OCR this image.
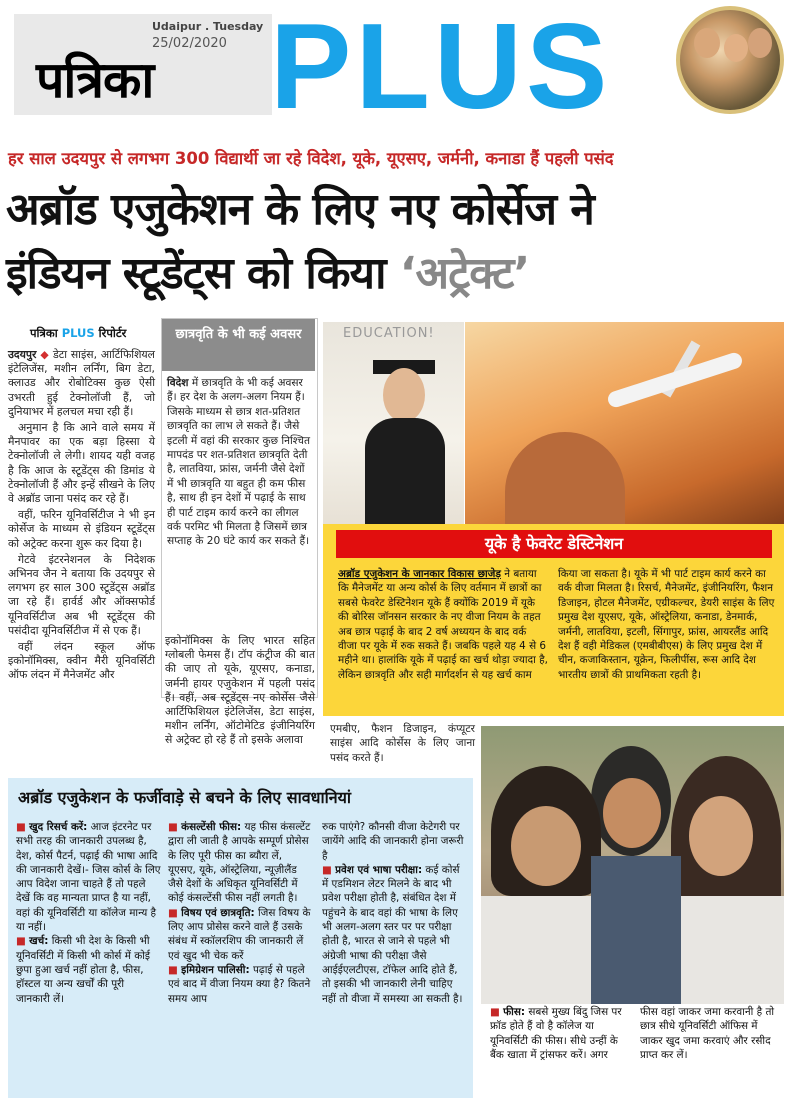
Udaipur . Tuesday
25/02/2020
पत्रिका PLUS
हर साल उदयपुर से लगभग 300 विद्यार्थी जा रहे विदेश, यूके, यूएसए, जर्मनी, कनाडा हैं पहली पसंद
अब्रॉड एजुकेशन के लिए नए कोर्सेज ने
इंडियन स्टूडेंट्स को किया ‘अट्रेक्ट’
पत्रिका PLUS रिपोर्टर

उदयपुर ◆ डेटा साइंस, आर्टिफिशियल इंटेलिजेंस, मशीन लर्निंग, बिग डेटा, क्लाउड और रोबोटिक्स कुछ ऐसी उभरती हुई टेक्नोलॉजी हैं, जो दुनियाभर में हलचल मचा रही हैं।

अनुमान है कि आने वाले समय में मैनपावर का एक बड़ा हिस्सा ये टेक्नोलॉजी ले लेगी। शायद यही वजह है कि आज के स्टूडेंट्स की डिमांड ये टेक्नोलॉजी हैं और इन्हें सीखने के लिए वे अब्रॉड जाना पसंद कर रहे हैं।

वहीं, फरिन यूनिवर्सिटीज ने भी इन कोर्सेज के माध्यम से इंडियन स्टूडेंट्स को अट्रेक्ट करना शुरू कर दिया है।

गेटवे इंटरनेशनल के निदेशक अभिनव जैन ने बताया कि उदयपुर से लगभग हर साल 300 स्टूडेंट्स अब्रॉड जा रहे हैं। हार्वर्ड और ऑक्सफोर्ड यूनिवर्सिटीज अब भी स्टूडेंट्स की पसंदीदा यूनिवर्सिटीज में से एक हैं।

वहीं लंदन स्कूल ऑफ इकोनॉमिक्स, क्वीन मैरी यूनिवर्सिटी ऑफ लंदन में मैनेजमेंट और

छात्रवृति के भी कई अवसर
विदेश में छात्रवृति के भी कई अवसर हैं। हर देश के अलग-अलग नियम हैं। जिसके माध्यम से छात्र शत-प्रतिशत छात्रवृति का लाभ ले सकते हैं। जैसे इटली में वहां की सरकार कुछ निश्चित मापदंड पर शत-प्रतिशत छात्रवृति देती है, लातविया, फ्रांस, जर्मनी जैसे देशों में भी छात्रवृति या बहुत ही कम फीस है, साथ ही इन देशों में पढ़ाई के साथ ही पार्ट टाइम कार्य करने का लीगल वर्क परमिट भी मिलता है जिसमें छात्र सप्ताह के 20 घंटे कार्य कर सकते हैं।

इकोनॉमिक्स के लिए भारत सहित ग्लोबली फेमस हैं। टॉप कंट्रीज की बात की जाए तो यूके, यूएसए, कनाडा, जर्मनी हायर एजुकेशन में पहली पसंद हैं। वहीं, अब स्टूडेंट्स नए कोर्सेस जैसे आर्टिफिशियल इंटेलिजेंस, डेटा साइंस, मशीन लर्निंग, ऑटोमेटिड इंजीनियरिंग से अट्रेक्ट हो रहे हैं तो इसके अलावा

EDUCATION!
यूके है फेवरेट डेस्टिनेशन
अब्रॉड एजुकेशन के जानकार विकास छाजेड़ ने बताया कि मैनेजमेंट या अन्य कोर्स के लिए वर्तमान में छात्रों का सबसे फेवरेट डेस्टिनेशन यूके हैं क्योंकि 2019 में यूके की बोरिस जॉनसन सरकार के नए वीजा नियम के तहत अब छात्र पढ़ाई के बाद 2 वर्ष अध्ययन के बाद वर्क वीजा पर यूके में रुक सकते हैं। जबकि पहले यह 4 से 6 महीने था। हालांकि यूके में पढ़ाई का खर्च थोड़ा ज्यादा है, लेकिन छात्रवृति और सही मार्गदर्शन से यह खर्च काम
किया जा सकता है। यूके में भी पार्ट टाइम कार्य करने का वर्क वीजा मिलता है। रिसर्च, मैनेजमेंट, इंजीनियरिंग, फैशन डिजाइन, होटल मैनेजमेंट, एग्रीकल्चर, डेयरी साइंस के लिए प्रमुख देश यूएसए, यूके, ऑस्ट्रेलिया, कनाडा, डेनमार्क, जर्मनी, लातविया, इटली, सिंगापुर, फ्रांस, आयरलैंड आदि देश हैं वही मेडिकल (एमबीबीएस) के लिए प्रमुख देश में चीन, कजाकिस्तान, यूक्रेन, फिलीपींस, रूस आदि देश भारतीय छात्रों की प्राथमिकता रहती है।
एमबीए, फैशन डिजाइन, कंप्यूटर साइंस आदि कोर्सेस के लिए जाना पसंद करते हैं।
अब्रॉड एजुकेशन के फर्जीवाड़े से बचने के लिए सावधानियां

■ खुद रिसर्च करें: आज इंटरनेट पर सभी तरह की जानकारी उपलब्ध है, देश, कोर्स पैटर्न, पढ़ाई की भाषा आदि की जानकारी देखें।- जिस कोर्स के लिए आप विदेश जाना चाहते हैं तो पहले देखें कि वह मान्यता प्राप्त है या नहीं, वहां की यूनिवर्सिटी या कॉलेज मान्य है या नहीं।

■ खर्च: किसी भी देश के किसी भी यूनिवर्सिटी में किसी भी कोर्स में कोई छुपा हुआ खर्च नहीं होता है, फीस, हॉस्टल या अन्य खर्चों की पूरी जानकारी लें।

■ कंसल्टेंसी फीस: यह फीस कंसल्टेंट द्वारा ली जाती है आपके सम्पूर्ण प्रोसेस के लिए पूरी फीस का ब्यौरा लें, यूएसए, यूके, ऑस्ट्रेलिया, न्यूज़ीलैंड जैसे देशों के अधिकृत यूनिवर्सिटी में कोई कंसल्टेंसी फीस नहीं लगती है।

■ विषय एवं छात्रवृति: जिस विषय के लिए आप प्रोसेस करने वाले हैं उसके संबंध में स्कॉलरशिप की जानकारी लें एवं खुद भी चेक करें

■ इमिग्रेशन पालिसी: पढ़ाई से पहले एवं बाद में वीजा नियम क्या है? कितने समय आप

रुक पाएंगे? कौनसी वीजा केटेगरी पर जायेंगे आदि की जानकारी होना जरूरी है

■ प्रवेश एवं भाषा परीक्षा: कई कोर्स में एडमिशन लेटर मिलने के बाद भी प्रवेश परीक्षा होती है, संबंधित देश में पहुंचने के बाद वहां की भाषा के लिए भी अलग-अलग स्तर पर पर परीक्षा होती है, भारत से जाने से पहले भी अंग्रेजी भाषा की परीक्षा जैसे आईईएलटीएस, टॉफेल आदि होते हैं, तो इसकी भी जानकारी लेनी चाहिए नहीं तो वीजा में समस्या आ सकती है।

■ फीस: सबसे मुख्य बिंदु जिस पर फ्रॉड होते हैं वो है कॉलेज या यूनिवर्सिटी की फीस। सीधे उन्हीं के बैंक खाता में ट्रांसफर करें। अगर

फीस वहां जाकर जमा करवानी है तो छात्र सीधे यूनिवर्सिटी ऑफिस में जाकर खुद जमा करवाएं और रसीद प्राप्त कर लें।
